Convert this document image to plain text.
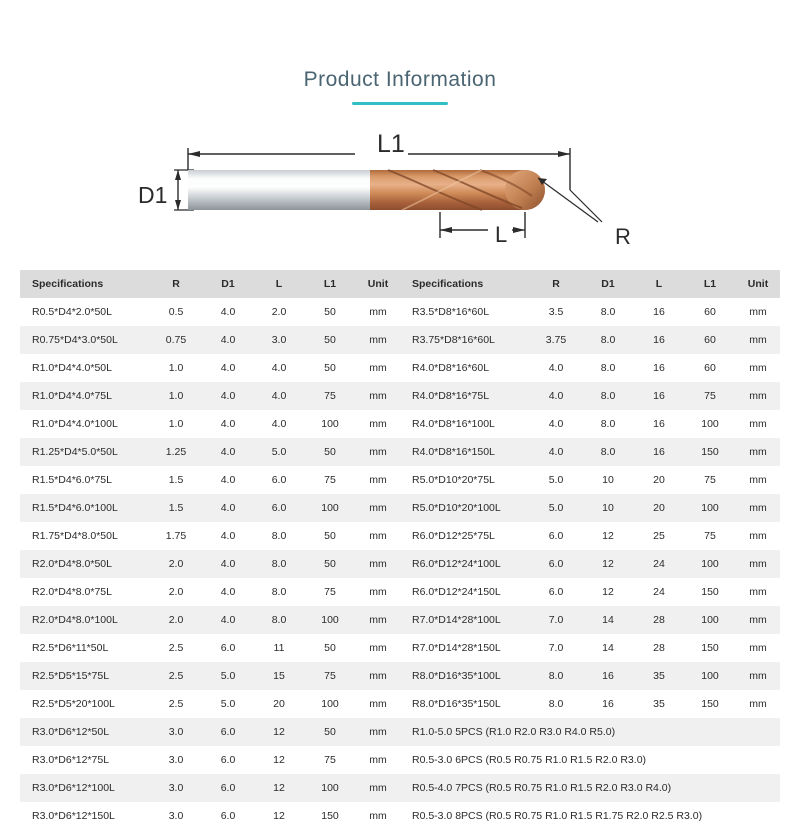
Product Information
L1
D1
L	R
Specifications	R	D1	L	L1	Unit
R0.5*D4*2.0*50L	0.5	4.0	2.0	50	mm
R0.75*D4*3.0*50L	0.75	4.0	3.0	50	mm
R1.0*D4*4.0*50L	1.0	4.0	4.0	50	mm
R1.0*D4*4.0*75L	1.0	4.0	4.0	75	mm
R1.0*D4*4.0*100L	1.0	4.0	4.0	100	mm
R1.25*D4*5.0*50L	1.25	4.0	5.0	50	mm
R1.5*D4*6.0*75L	1.5	4.0	6.0	75	mm
R1.5*D4*6.0*100L	1.5	4.0	6.0	100	mm
R1.75*D4*8.0*50L	1.75	4.0	8.0	50	mm
R2.0*D4*8.0*50L	2.0	4.0	8.0	50	mm
R2.0*D4*8.0*75L	2.0	4.0	8.0	75	mm
R2.0*D4*8.0*100L	2.0	4.0	8.0	100	mm
R2.5*D6*11*50L	2.5	6.0	11	50	mm
R2.5*D5*15*75L	2.5	5.0	15	75	mm
R2.5*D5*20*100L	2.5	5.0	20	100	mm
R3.0*D6*12*50L	3.0	6.0	12	50	mm
R3.0*D6*12*75L	3.0	6.0	12	75	mm
R3.0*D6*12*100L	3.0	6.0	12	100	mm
R3.0*D6*12*150L	3.0	6.0	12	150	mm
Specifications	R	D1	L	L1	Unit
R3.5*D8*16*60L	3.5	8.0	16	60	mm
R3.75*D8*16*60L	3.75	8.0	16	60	mm
R4.0*D8*16*60L	4.0	8.0	16	60	mm
R4.0*D8*16*75L	4.0	8.0	16	75	mm
R4.0*D8*16*100L	4.0	8.0	16	100	mm
R4.0*D8*16*150L	4.0	8.0	16	150	mm
R5.0*D10*20*75L	5.0	10	20	75	mm
R5.0*D10*20*100L	5.0	10	20	100	mm
R6.0*D12*25*75L	6.0	12	25	75	mm
R6.0*D12*24*100L	6.0	12	24	100	mm
R6.0*D12*24*150L	6.0	12	24	150	mm
R7.0*D14*28*100L	7.0	14	28	100	mm
R7.0*D14*28*150L	7.0	14	28	150	mm
R8.0*D16*35*100L	8.0	16	35	100	mm
R8.0*D16*35*150L	8.0	16	35	150	mm
R1.0-5.0 5PCS (R1.0 R2.0 R3.0 R4.0 R5.0)					
R0.5-3.0 6PCS (R0.5 R0.75 R1.0 R1.5 R2.0 R3.0)					
R0.5-4.0 7PCS (R0.5 R0.75 R1.0 R1.5 R2.0 R3.0 R4.0)					
R0.5-3.0 8PCS (R0.5 R0.75 R1.0 R1.5 R1.75 R2.0 R2.5 R3.0)					
